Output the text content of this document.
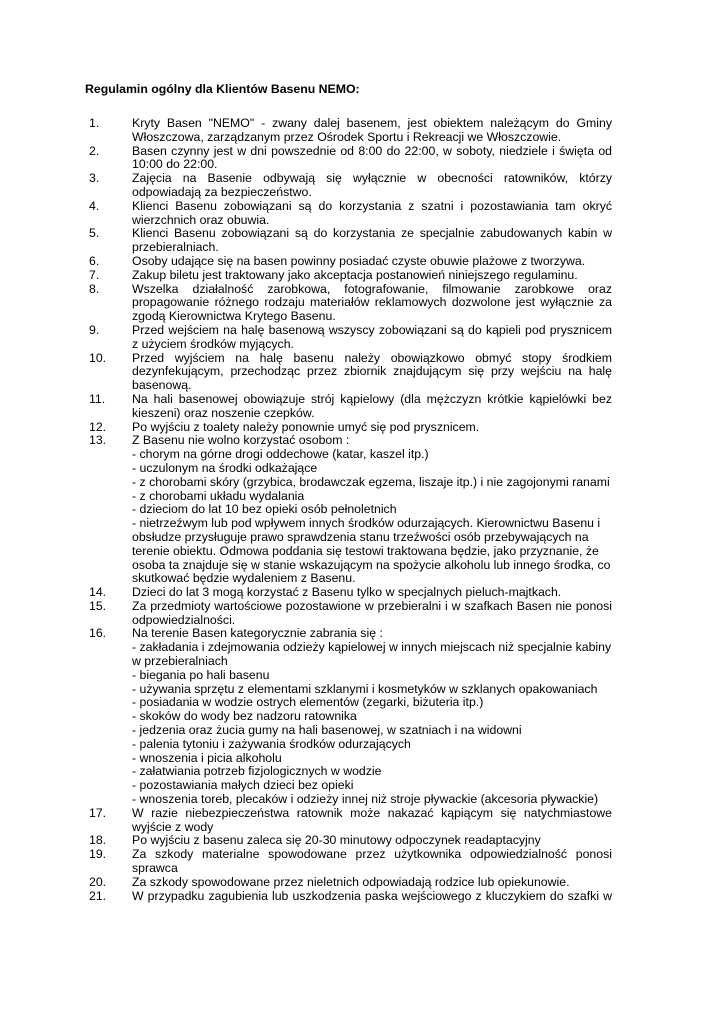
Regulamin ogólny dla Klientów Basenu NEMO:
1.	Kryty Basen "NEMO" - zwany dalej basenem, jest obiektem należącym do Gminy Włoszczowa, zarządzanym przez Ośrodek Sportu i Rekreacji we Włoszczowie.
2.	Basen czynny jest w dni powszednie od 8:00 do 22:00, w soboty, niedziele i święta od 10:00 do 22:00.
3.	Zajęcia na Basenie odbywają się wyłącznie w obecności ratowników, którzy odpowiadają za bezpieczeństwo.
4.	Klienci Basenu zobowiązani są do korzystania z szatni i pozostawiania tam okryć wierzchnich oraz obuwia.
5.	Klienci Basenu zobowiązani są do korzystania ze specjalnie zabudowanych kabin w przebieralniach.
6.	Osoby udające się na basen powinny posiadać czyste obuwie plażowe z tworzywa.
7.	Zakup biletu jest traktowany jako akceptacja postanowień niniejszego regulaminu.
8.	Wszelka działalność zarobkowa, fotografowanie, filmowanie zarobkowe oraz propagowanie różnego rodzaju materiałów reklamowych dozwolone jest wyłącznie za zgodą Kierownictwa Krytego Basenu.
9.	Przed wejściem na halę basenową wszyscy zobowiązani są do kąpieli pod prysznicem z użyciem środków myjących.
10.	Przed wyjściem na halę basenu należy obowiązkowo obmyć stopy środkiem dezynfekującym, przechodząc przez zbiornik znajdującym się przy wejściu na halę basenową.
11.	Na hali basenowej obowiązuje strój kąpielowy (dla mężczyzn krótkie kąpielówki bez kieszeni) oraz noszenie czepków.
12.	Po wyjściu z toalety należy ponownie umyć się pod prysznicem.
13.	Z Basenu nie wolno korzystać osobom :
- chorym na górne drogi oddechowe (katar, kaszel itp.)
- uczulonym na środki odkażające
- z chorobami skóry (grzybica, brodawczak egzema, liszaje itp.) i nie zagojonymi ranami
- z chorobami układu wydalania
- dzieciom do lat 10 bez opieki osób pełnoletnich
- nietrzeźwym lub pod wpływem innych środków odurzających. Kierownictwu Basenu i obsłudze przysługuje prawo sprawdzenia stanu trzeźwości osób przebywających na terenie obiektu. Odmowa poddania się testowi traktowana będzie, jako przyznanie, że osoba ta znajduje się w stanie wskazującym na spożycie alkoholu lub innego środka, co skutkować będzie wydaleniem z Basenu.
14.	Dzieci do lat 3 mogą korzystać z Basenu tylko w specjalnych pieluch-majtkach.
15.	Za przedmioty wartościowe pozostawione w przebieralni i w szafkach Basen nie ponosi odpowiedzialności.
16.	Na terenie Basen kategorycznie zabrania się :
- zakładania i zdejmowania odzieży kąpielowej w innych miejscach niż specjalnie kabiny w przebieralniach
- biegania po hali basenu
- używania sprzętu z elementami szklanymi i kosmetyków w szklanych opakowaniach
- posiadania w wodzie ostrych elementów (zegarki, biżuteria itp.)
- skoków do wody bez nadzoru ratownika
- jedzenia oraz żucia gumy na hali basenowej, w szatniach i na widowni
- palenia tytoniu i zażywania środków odurzających
- wnoszenia i picia alkoholu
- załatwiania potrzeb fizjologicznych w wodzie
- pozostawiania małych dzieci bez opieki
- wnoszenia toreb, plecaków i odzieży innej niż stroje pływackie (akcesoria pływackie)
17.	W razie niebezpieczeństwa ratownik może nakazać kąpiącym się natychmiastowe wyjście z wody
18.	Po wyjściu z basenu zaleca się 20-30 minutowy odpoczynek readaptacyjny
19.	Za szkody materialne spowodowane przez użytkownika odpowiedzialność ponosi sprawca
20.	Za szkody spowodowane przez nieletnich odpowiadają rodzice lub opiekunowie.
21.	W przypadku zagubienia lub uszkodzenia paska wejściowego z kluczykiem do szafki w
